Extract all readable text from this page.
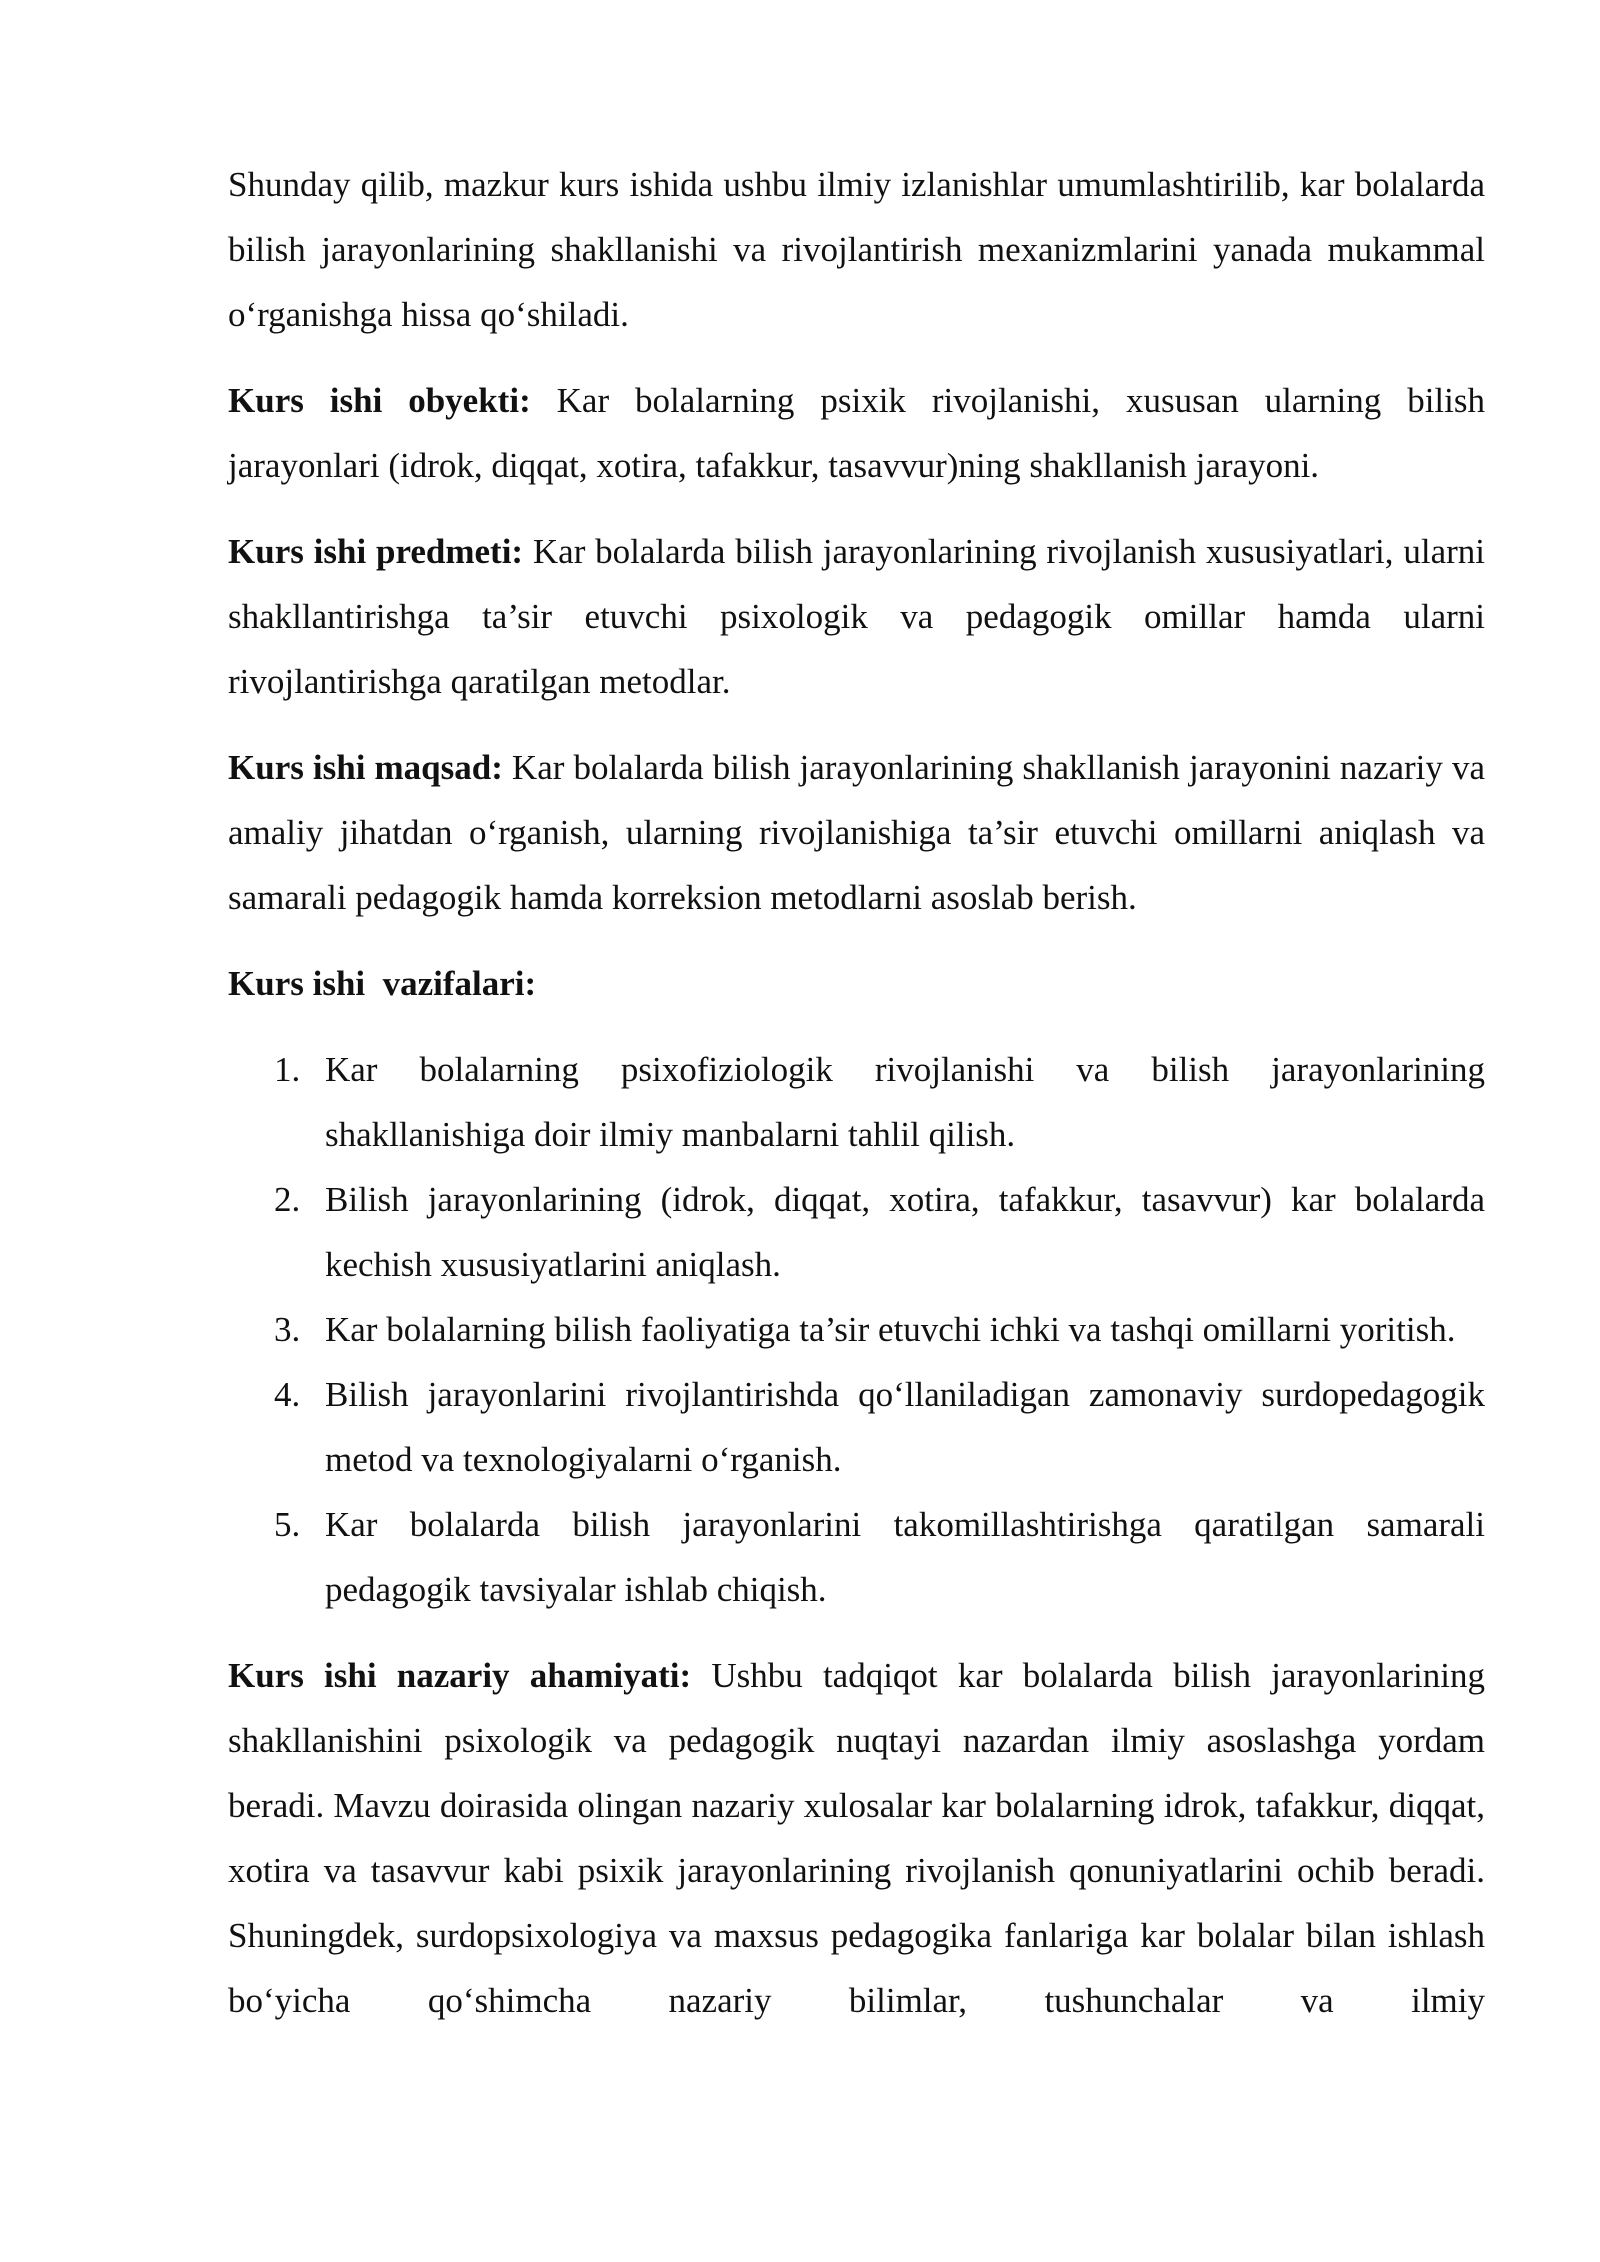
Shunday qilib, mazkur kurs ishida ushbu ilmiy izlanishlar umumlashtirilib, kar bolalarda bilish jarayonlarining shakllanishi va rivojlantirish mexanizmlarini yanada mukammal o‘rganishga hissa qo‘shiladi.

Kurs ishi obyekti: Kar bolalarning psixik rivojlanishi, xususan ularning bilish jarayonlari (idrok, diqqat, xotira, tafakkur, tasavvur)ning shakllanish jarayoni.

Kurs ishi predmeti: Kar bolalarda bilish jarayonlarining rivojlanish xususiyatlari, ularni shakllantirishga ta’sir etuvchi psixologik va pedagogik omillar hamda ularni rivojlantirishga qaratilgan metodlar.

Kurs ishi maqsad: Kar bolalarda bilish jarayonlarining shakllanish jarayonini nazariy va amaliy jihatdan o‘rganish, ularning rivojlanishiga ta’sir etuvchi omillarni aniqlash va samarali pedagogik hamda korreksion metodlarni asoslab berish.

Kurs ishi  vazifalari:

1. Kar bolalarning psixofiziologik rivojlanishi va bilish jarayonlarining shakllanishiga doir ilmiy manbalarni tahlil qilish.
2. Bilish jarayonlarining (idrok, diqqat, xotira, tafakkur, tasavvur) kar bolalarda kechish xususiyatlarini aniqlash.
3. Kar bolalarning bilish faoliyatiga ta’sir etuvchi ichki va tashqi omillarni yoritish.
4. Bilish jarayonlarini rivojlantirishda qo‘llaniladigan zamonaviy surdopedagogik metod va texnologiyalarni o‘rganish.
5. Kar bolalarda bilish jarayonlarini takomillashtirishga qaratilgan samarali pedagogik tavsiyalar ishlab chiqish.

Kurs ishi nazariy ahamiyati: Ushbu tadqiqot kar bolalarda bilish jarayonlarining shakllanishini psixologik va pedagogik nuqtayi nazardan ilmiy asoslashga yordam beradi. Mavzu doirasida olingan nazariy xulosalar kar bolalarning idrok, tafakkur, diqqat, xotira va tasavvur kabi psixik jarayonlarining rivojlanish qonuniyatlarini ochib beradi. Shuningdek, surdopsixologiya va maxsus pedagogika fanlariga kar bolalar bilan ishlash bo‘yicha qo‘shimcha nazariy bilimlar, tushunchalar va ilmiy
